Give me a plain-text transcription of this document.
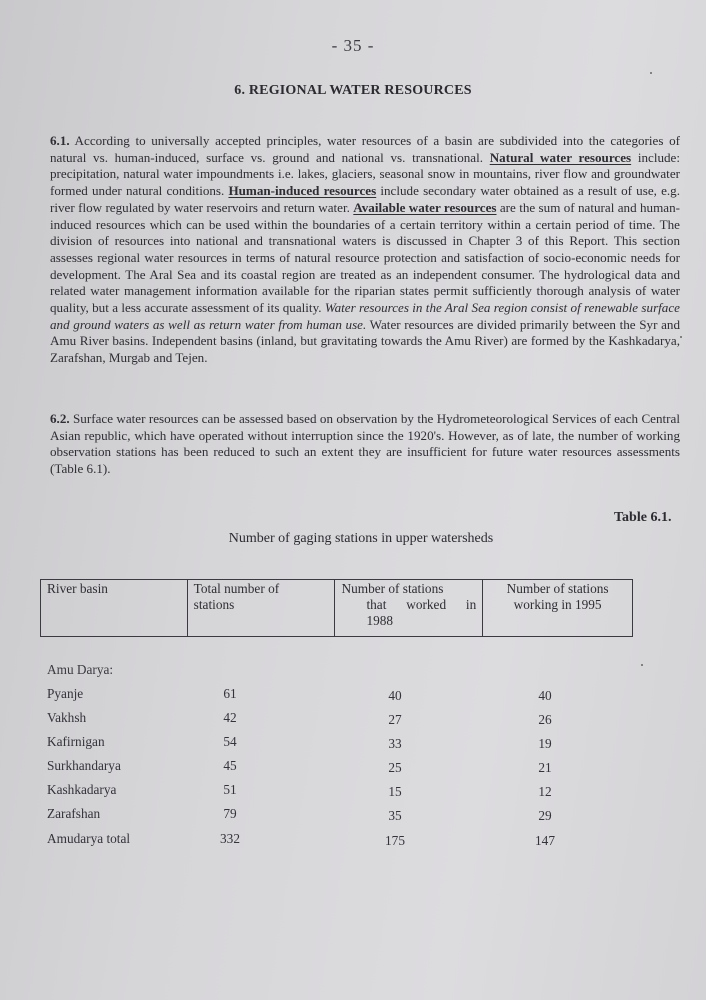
- 35 -
6. REGIONAL WATER RESOURCES
6.1. According to universally accepted principles, water resources of a basin are subdivided into the categories of natural vs. human-induced, surface vs. ground and national vs. transnational. Natural water resources include: precipitation, natural water impoundments i.e. lakes, glaciers, seasonal snow in mountains, river flow and groundwater formed under natural conditions. Human-induced resources include secondary water obtained as a result of use, e.g. river flow regulated by water reservoirs and return water. Available water resources are the sum of natural and human-induced resources which can be used within the boundaries of a certain territory within a certain period of time. The division of resources into national and transnational waters is discussed in Chapter 3 of this Report. This section assesses regional water resources in terms of natural resource protection and satisfaction of socio-economic needs for development. The Aral Sea and its coastal region are treated as an independent consumer. The hydrological data and related water management information available for the riparian states permit sufficiently thorough analysis of water quality, but a less accurate assessment of its quality. Water resources in the Aral Sea region consist of renewable surface and ground waters as well as return water from human use. Water resources are divided primarily between the Syr and Amu River basins. Independent basins (inland, but gravitating towards the Amu River) are formed by the Kashkadarya, Zarafshan, Murgab and Tejen.
6.2. Surface water resources can be assessed based on observation by the Hydrometeorological Services of each Central Asian republic, which have operated without interruption since the 1920's. However, as of late, the number of working observation stations has been reduced to such an extent they are insufficient for future water resources assessments (Table 6.1).
Table 6.1.
Number of gaging stations in upper watersheds
River basin	Total number of
stations
	Number of stations
that worked in
1988
	Number of stations
working in 1995
Amu Darya:
Pyanje	61	40	40
Vakhsh	42	27	26
Kafirnigan	54	33	19
Surkhandarya	45	25	21
Kashkadarya	51	15	12
Zarafshan	79	35	29
Amudarya total	332	175	147
